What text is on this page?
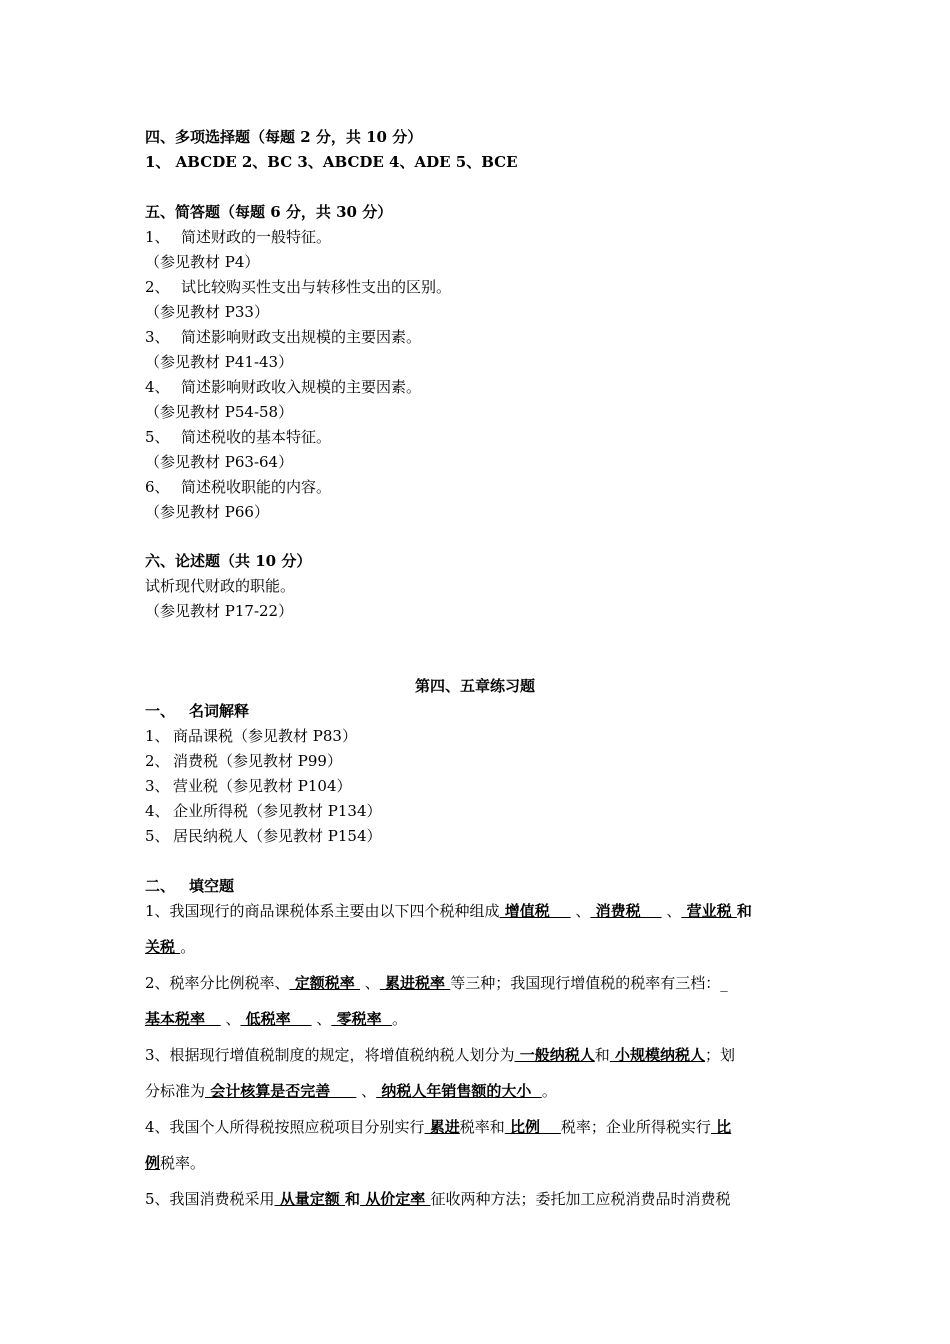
四、多项选择题（每题 2 分，共 10 分）
1、 ABCDE 2、BC 3、ABCDE 4、ADE 5、BCE
五、简答题（每题 6 分，共 30 分）
1、 简述财政的一般特征。
（参见教材 P4）
2、 试比较购买性支出与转移性支出的区别。
（参见教材 P33）
3、 简述影响财政支出规模的主要因素。
（参见教材 P41-43）
4、 简述影响财政收入规模的主要因素。
（参见教材 P54-58）
5、 简述税收的基本特征。
（参见教材 P63-64）
6、 简述税收职能的内容。
（参见教材 P66）
六、论述题（共 10 分）
试析现代财政的职能。
（参见教材 P17-22）
第四、五章练习题
一、 名词解释
1、 商品课税（参见教材 P83）
2、 消费税（参见教材 P99）
3、 营业税（参见教材 P104）
4、 企业所得税（参见教材 P134）
5、 居民纳税人（参见教材 P154）
二、 填空题
1、我国现行的商品课税体系主要由以下四个税种组成 增值税     、 消费税     、 营业税 和
关税 。
2、税率分比例税率、 定额税率  、 累进税率 等三种；我国现行增值税的税率有三档：_
基本税率    、 低税率     、 零税率  。
3、根据现行增值税制度的规定，将增值税纳税人划分为 一般纳税人和 小规模纳税人；划
分标准为 会计核算是否完善      、 纳税人年销售额的大小  。
4、我国个人所得税按照应税项目分别实行 累进税率和 比例    税率；企业所得税实行 比
例税率。
5、我国消费税采用 从量定额 和 从价定率 征收两种方法；委托加工应税消费品时消费税
